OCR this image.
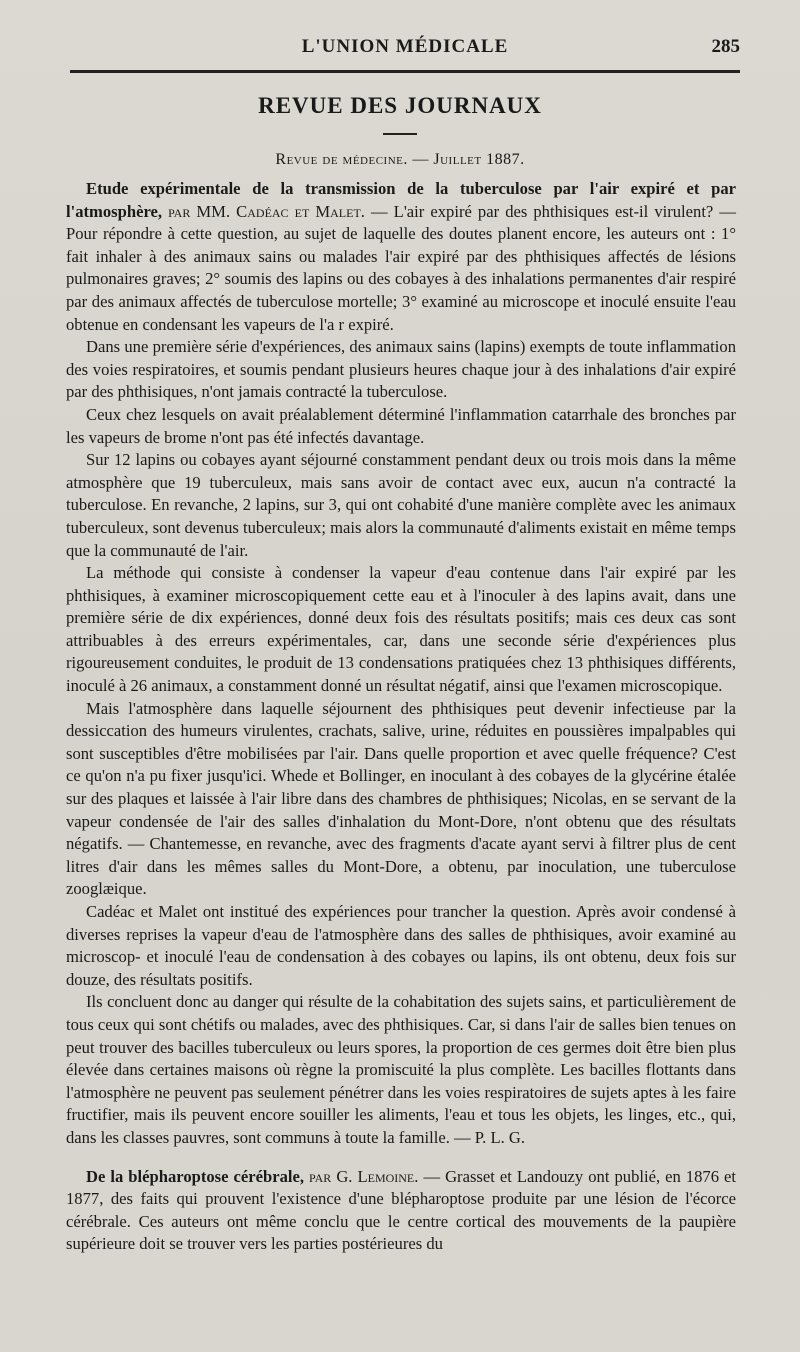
L'UNION MÉDICALE	285
REVUE DES JOURNAUX
Revue de médecine. — Juillet 1887.

Etude expérimentale de la transmission de la tuberculose par l'air expiré et par l'atmosphère, par MM. Cadéac et Malet. — L'air expiré par des phthisiques est-il virulent? — Pour répondre à cette question, au sujet de laquelle des doutes planent encore, les auteurs ont : 1° fait inhaler à des animaux sains ou malades l'air expiré par des phthisiques affectés de lésions pulmonaires graves; 2° soumis des lapins ou des cobayes à des inhalations permanentes d'air respiré par des animaux affectés de tuberculose mortelle; 3° examiné au microscope et inoculé ensuite l'eau obtenue en condensant les vapeurs de l'a r expiré.

Dans une première série d'expériences, des animaux sains (lapins) exempts de toute inflammation des voies respiratoires, et soumis pendant plusieurs heures chaque jour à des inhalations d'air expiré par des phthisiques, n'ont jamais contracté la tuberculose.

Ceux chez lesquels on avait préalablement déterminé l'inflammation catarrhale des bronches par les vapeurs de brome n'ont pas été infectés davantage.

Sur 12 lapins ou cobayes ayant séjourné constamment pendant deux ou trois mois dans la même atmosphère que 19 tuberculeux, mais sans avoir de contact avec eux, aucun n'a contracté la tuberculose. En revanche, 2 lapins, sur 3, qui ont cohabité d'une manière complète avec les animaux tuberculeux, sont devenus tuberculeux; mais alors la communauté d'aliments existait en même temps que la communauté de l'air.

La méthode qui consiste à condenser la vapeur d'eau contenue dans l'air expiré par les phthisiques, à examiner microscopiquement cette eau et à l'inoculer à des lapins avait, dans une première série de dix expériences, donné deux fois des résultats positifs; mais ces deux cas sont attribuables à des erreurs expérimentales, car, dans une seconde série d'expériences plus rigoureusement conduites, le produit de 13 condensations pratiquées chez 13 phthisiques différents, inoculé à 26 animaux, a constamment donné un résultat négatif, ainsi que l'examen microscopique.

Mais l'atmosphère dans laquelle séjournent des phthisiques peut devenir infectieuse par la dessiccation des humeurs virulentes, crachats, salive, urine, réduites en poussières impalpables qui sont susceptibles d'être mobilisées par l'air. Dans quelle proportion et avec quelle fréquence? C'est ce qu'on n'a pu fixer jusqu'ici. Whede et Bollinger, en inoculant à des cobayes de la glycérine étalée sur des plaques et laissée à l'air libre dans des chambres de phthisiques; Nicolas, en se servant de la vapeur condensée de l'air des salles d'inhalation du Mont-Dore, n'ont obtenu que des résultats négatifs. — Chantemesse, en revanche, avec des fragments d'acate ayant servi à filtrer plus de cent litres d'air dans les mêmes salles du Mont-Dore, a obtenu, par inoculation, une tuberculose zooglæique.

Cadéac et Malet ont institué des expériences pour trancher la question. Après avoir condensé à diverses reprises la vapeur d'eau de l'atmosphère dans des salles de phthisiques, avoir examiné au microscop- et inoculé l'eau de condensation à des cobayes ou lapins, ils ont obtenu, deux fois sur douze, des résultats positifs.

Ils concluent donc au danger qui résulte de la cohabitation des sujets sains, et particulièrement de tous ceux qui sont chétifs ou malades, avec des phthisiques. Car, si dans l'air de salles bien tenues on peut trouver des bacilles tuberculeux ou leurs spores, la proportion de ces germes doit être bien plus élevée dans certaines maisons où règne la promiscuité la plus complète. Les bacilles flottants dans l'atmosphère ne peuvent pas seulement pénétrer dans les voies respiratoires de sujets aptes à les faire fructifier, mais ils peuvent encore souiller les aliments, l'eau et tous les objets, les linges, etc., qui, dans les classes pauvres, sont communs à toute la famille. — P. L. G.

De la blépharoptose cérébrale, par G. Lemoine. — Grasset et Landouzy ont publié, en 1876 et 1877, des faits qui prouvent l'existence d'une blépharoptose produite par une lésion de l'écorce cérébrale. Ces auteurs ont même conclu que le centre cortical des mouvements de la paupière supérieure doit se trouver vers les parties postérieures du
